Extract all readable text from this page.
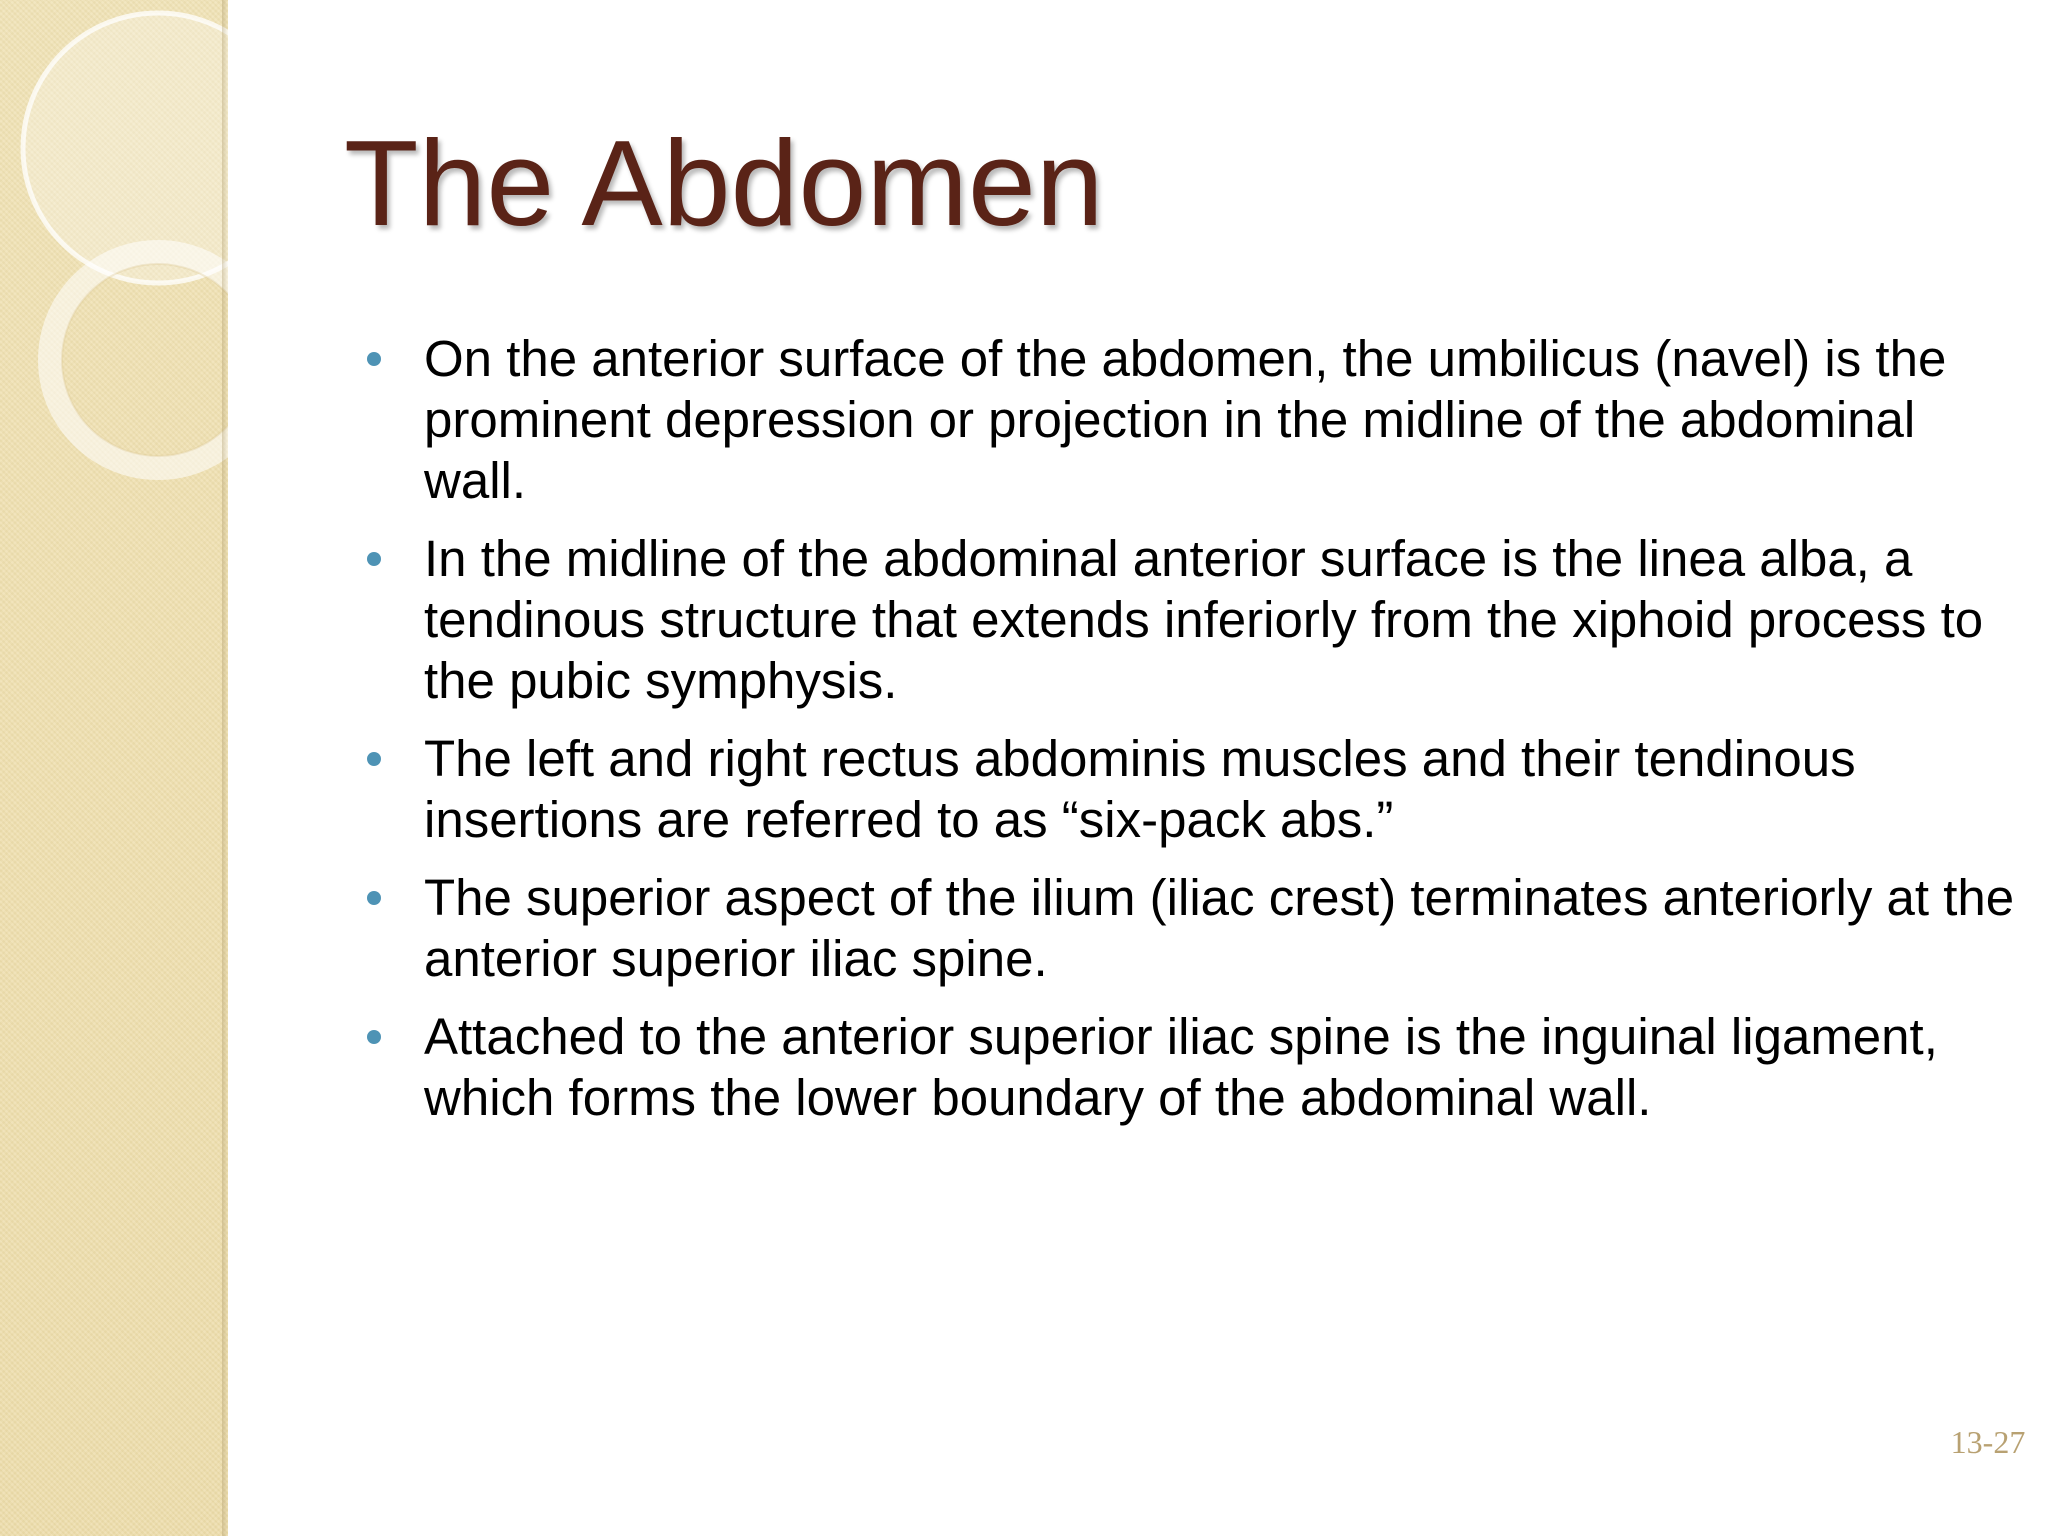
The Abdomen
On the anterior surface of the abdomen, the umbilicus (navel) is the prominent depression or projection in the midline of the abdominal wall.
In the midline of the abdominal anterior surface is the linea alba, a tendinous structure that extends inferiorly from the xiphoid process to the pubic symphysis.
The left and right rectus abdominis muscles and their tendinous insertions are referred to as “six-pack abs.”
The superior aspect of the ilium (iliac crest) terminates anteriorly at the anterior superior iliac spine.
Attached to the anterior superior iliac spine is the inguinal ligament, which forms the lower boundary of the abdominal wall.
13-27
